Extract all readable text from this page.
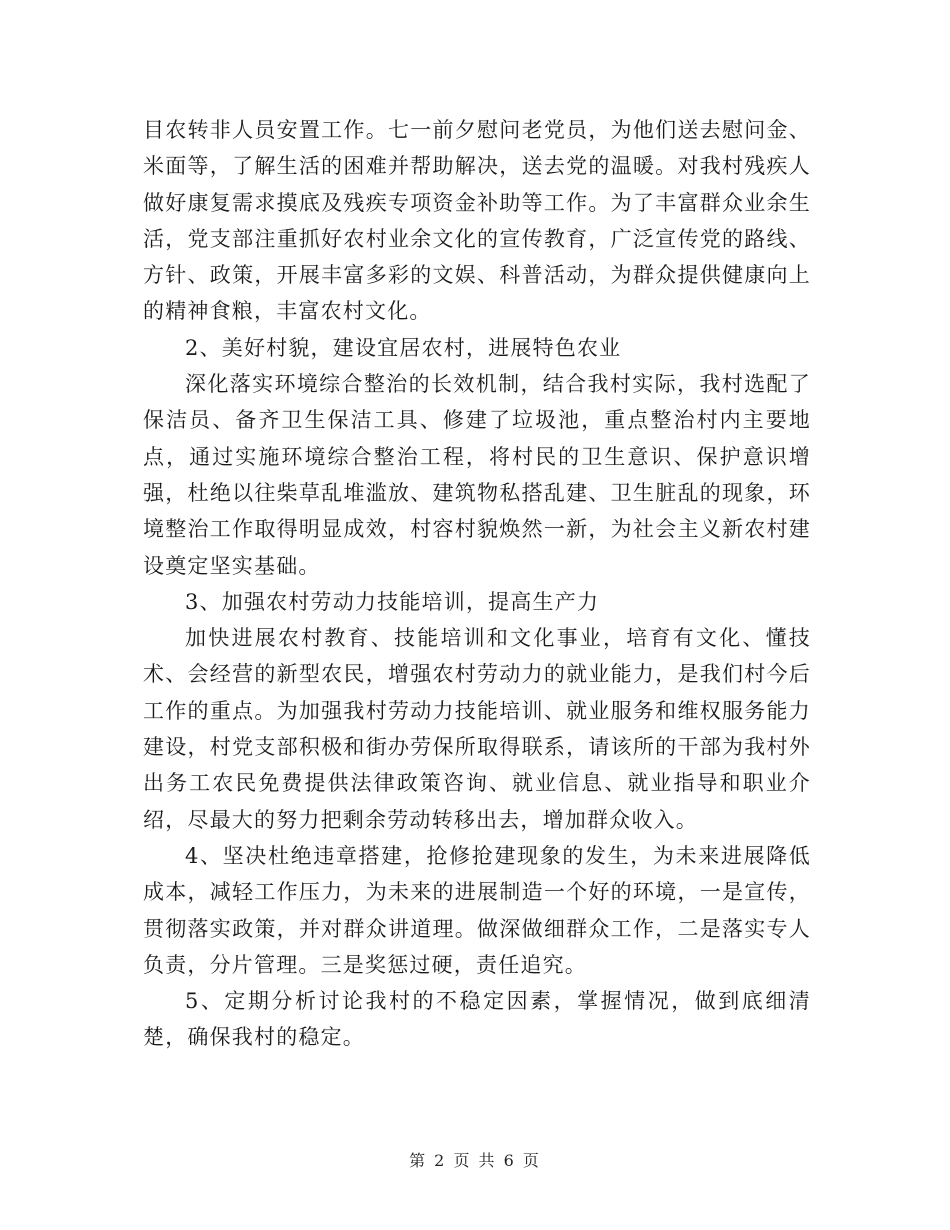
目农转非人员安置工作。七一前夕慰问老党员，为他们送去慰问金、米面等，了解生活的困难并帮助解决，送去党的温暖。对我村残疾人做好康复需求摸底及残疾专项资金补助等工作。为了丰富群众业余生活，党支部注重抓好农村业余文化的宣传教育，广泛宣传党的路线、方针、政策，开展丰富多彩的文娱、科普活动，为群众提供健康向上的精神食粮，丰富农村文化。

2、美好村貌，建设宜居农村，进展特色农业

深化落实环境综合整治的长效机制，结合我村实际，我村选配了保洁员、备齐卫生保洁工具、修建了垃圾池，重点整治村内主要地点，通过实施环境综合整治工程，将村民的卫生意识、保护意识增强，杜绝以往柴草乱堆滥放、建筑物私搭乱建、卫生脏乱的现象，环境整治工作取得明显成效，村容村貌焕然一新，为社会主义新农村建设奠定坚实基础。

3、加强农村劳动力技能培训，提高生产力

加快进展农村教育、技能培训和文化事业，培育有文化、懂技术、会经营的新型农民，增强农村劳动力的就业能力，是我们村今后工作的重点。为加强我村劳动力技能培训、就业服务和维权服务能力建设，村党支部积极和街办劳保所取得联系，请该所的干部为我村外出务工农民免费提供法律政策咨询、就业信息、就业指导和职业介绍，尽最大的努力把剩余劳动转移出去，增加群众收入。

4、坚决杜绝违章搭建，抢修抢建现象的发生，为未来进展降低成本，减轻工作压力，为未来的进展制造一个好的环境，一是宣传，贯彻落实政策，并对群众讲道理。做深做细群众工作，二是落实专人负责，分片管理。三是奖惩过硬，责任追究。

5、定期分析讨论我村的不稳定因素，掌握情况，做到底细清楚，确保我村的稳定。

第 2 页 共 6 页
